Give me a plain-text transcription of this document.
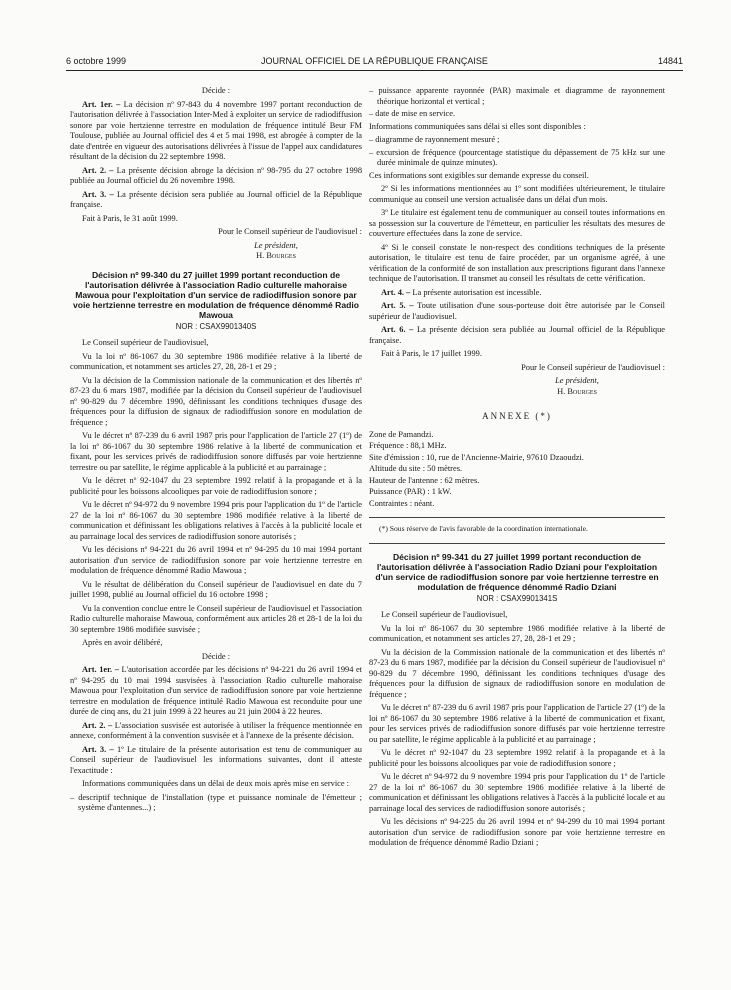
6 octobre 1999	JOURNAL OFFICIEL DE LA RÉPUBLIQUE FRANÇAISE	14841

Décide :

Art. 1er. – La décision nº 97-843 du 4 novembre 1997 portant reconduction de l'autorisation délivrée à l'association Inter-Med à exploiter un service de radiodiffusion sonore par voie hertzienne terrestre en modulation de fréquence intitulé Beur FM Toulouse, publiée au Journal officiel des 4 et 5 mai 1998, est abrogée à compter de la date d'entrée en vigueur des autorisations délivrées à l'issue de l'appel aux candidatures résultant de la décision du 22 septembre 1998.

Art. 2. – La présente décision abroge la décision nº 98-795 du 27 octobre 1998 publiée au Journal officiel du 26 novembre 1998.

Art. 3. – La présente décision sera publiée au Journal officiel de la République française.

Fait à Paris, le 31 août 1999.

Pour le Conseil supérieur de l'audiovisuel :

Le président,

H. Bourges

Décision nº 99-340 du 27 juillet 1999 portant reconduction de l'autorisation délivrée à l'association Radio culturelle mahoraise Mawoua pour l'exploitation d'un service de radiodiffusion sonore par voie hertzienne terrestre en modulation de fréquence dénommé Radio Mawoua

NOR : CSAX9901340S

Le Conseil supérieur de l'audiovisuel,

Vu la loi nº 86-1067 du 30 septembre 1986 modifiée relative à la liberté de communication, et notamment ses articles 27, 28, 28-1 et 29 ;

Vu la décision de la Commission nationale de la communication et des libertés nº 87-23 du 6 mars 1987, modifiée par la décision du Conseil supérieur de l'audiovisuel nº 90-829 du 7 décembre 1990, définissant les conditions techniques d'usage des fréquences pour la diffusion de signaux de radiodiffusion sonore en modulation de fréquence ;

Vu le décret nº 87-239 du 6 avril 1987 pris pour l'application de l'article 27 (1º) de la loi nº 86-1067 du 30 septembre 1986 relative à la liberté de communication et fixant, pour les services privés de radiodiffusion sonore diffusés par voie hertzienne terrestre ou par satellite, le régime applicable à la publicité et au parrainage ;

Vu le décret nº 92-1047 du 23 septembre 1992 relatif à la propagande et à la publicité pour les boissons alcooliques par voie de radiodiffusion sonore ;

Vu le décret nº 94-972 du 9 novembre 1994 pris pour l'application du 1º de l'article 27 de la loi nº 86-1067 du 30 septembre 1986 modifiée relative à la liberté de communication et définissant les obligations relatives à l'accès à la publicité locale et au parrainage local des services de radiodiffusion sonore autorisés ;

Vu les décisions nº 94-221 du 26 avril 1994 et nº 94-295 du 10 mai 1994 portant autorisation d'un service de radiodiffusion sonore par voie hertzienne terrestre en modulation de fréquence dénommé Radio Mawoua ;

Vu le résultat de délibération du Conseil supérieur de l'audiovisuel en date du 7 juillet 1998, publié au Journal officiel du 16 octobre 1998 ;

Vu la convention conclue entre le Conseil supérieur de l'audiovisuel et l'association Radio culturelle mahoraise Mawoua, conformément aux articles 28 et 28-1 de la loi du 30 septembre 1986 modifiée susvisée ;

Après en avoir délibéré,

Décide :

Art. 1er. – L'autorisation accordée par les décisions nº 94-221 du 26 avril 1994 et nº 94-295 du 10 mai 1994 susvisées à l'association Radio culturelle mahoraise Mawoua pour l'exploitation d'un service de radiodiffusion sonore par voie hertzienne terrestre en modulation de fréquence intitulé Radio Mawoua est reconduite pour une durée de cinq ans, du 21 juin 1999 à 22 heures au 21 juin 2004 à 22 heures.

Art. 2. – L'association susvisée est autorisée à utiliser la fréquence mentionnée en annexe, conformément à la convention susvisée et à l'annexe de la présente décision.

Art. 3. – 1º Le titulaire de la présente autorisation est tenu de communiquer au Conseil supérieur de l'audiovisuel les informations suivantes, dont il atteste l'exactitude :

Informations communiquées dans un délai de deux mois après mise en service :

– descriptif technique de l'installation (type et puissance nominale de l'émetteur ; système d'antennes...) ;

– puissance apparente rayonnée (PAR) maximale et diagramme de rayonnement théorique horizontal et vertical ;

– date de mise en service.

Informations communiquées sans délai si elles sont disponibles :

– diagramme de rayonnement mesuré ;

– excursion de fréquence (pourcentage statistique du dépassement de 75 kHz sur une durée minimale de quinze minutes).

Ces informations sont exigibles sur demande expresse du conseil.

2º Si les informations mentionnées au 1º sont modifiées ultérieurement, le titulaire communique au conseil une version actualisée dans un délai d'un mois.

3º Le titulaire est également tenu de communiquer au conseil toutes informations en sa possession sur la couverture de l'émetteur, en particulier les résultats des mesures de couverture effectuées dans la zone de service.

4º Si le conseil constate le non-respect des conditions techniques de la présente autorisation, le titulaire est tenu de faire procéder, par un organisme agréé, à une vérification de la conformité de son installation aux prescriptions figurant dans l'annexe technique de l'autorisation. Il transmet au conseil les résultats de cette vérification.

Art. 4. – La présente autorisation est incessible.

Art. 5. – Toute utilisation d'une sous-porteuse doit être autorisée par le Conseil supérieur de l'audiovisuel.

Art. 6. – La présente décision sera publiée au Journal officiel de la République française.

Fait à Paris, le 17 juillet 1999.

Pour le Conseil supérieur de l'audiovisuel :

Le président,

H. Bourges

ANNEXE (*)

Zone de Pamandzi.

Fréquence : 88,1 MHz.

Site d'émission : 10, rue de l'Ancienne-Mairie, 97610 Dzaoudzi.

Altitude du site : 50 mètres.

Hauteur de l'antenne : 62 mètres.

Puissance (PAR) : 1 kW.

Contraintes : néant.

(*) Sous réserve de l'avis favorable de la coordination internationale.

Décision nº 99-341 du 27 juillet 1999 portant reconduction de l'autorisation délivrée à l'association Radio Dziani pour l'exploitation d'un service de radiodiffusion sonore par voie hertzienne terrestre en modulation de fréquence dénommé Radio Dziani

NOR : CSAX9901341S

Le Conseil supérieur de l'audiovisuel,

Vu la loi nº 86-1067 du 30 septembre 1986 modifiée relative à la liberté de communication, et notamment ses articles 27, 28, 28-1 et 29 ;

Vu la décision de la Commission nationale de la communication et des libertés nº 87-23 du 6 mars 1987, modifiée par la décision du Conseil supérieur de l'audiovisuel nº 90-829 du 7 décembre 1990, définissant les conditions techniques d'usage des fréquences pour la diffusion de signaux de radiodiffusion sonore en modulation de fréquence ;

Vu le décret nº 87-239 du 6 avril 1987 pris pour l'application de l'article 27 (1º) de la loi nº 86-1067 du 30 septembre 1986 relative à la liberté de communication et fixant, pour les services privés de radiodiffusion sonore diffusés par voie hertzienne terrestre ou par satellite, le régime applicable à la publicité et au parrainage ;

Vu le décret nº 92-1047 du 23 septembre 1992 relatif à la propagande et à la publicité pour les boissons alcooliques par voie de radiodiffusion sonore ;

Vu le décret nº 94-972 du 9 novembre 1994 pris pour l'application du 1º de l'article 27 de la loi nº 86-1067 du 30 septembre 1986 modifiée relative à la liberté de communication et définissant les obligations relatives à l'accès à la publicité locale et au parrainage local des services de radiodiffusion sonore autorisés ;

Vu les décisions nº 94-225 du 26 avril 1994 et nº 94-299 du 10 mai 1994 portant autorisation d'un service de radiodiffusion sonore par voie hertzienne terrestre en modulation de fréquence dénommé Radio Dziani ;
